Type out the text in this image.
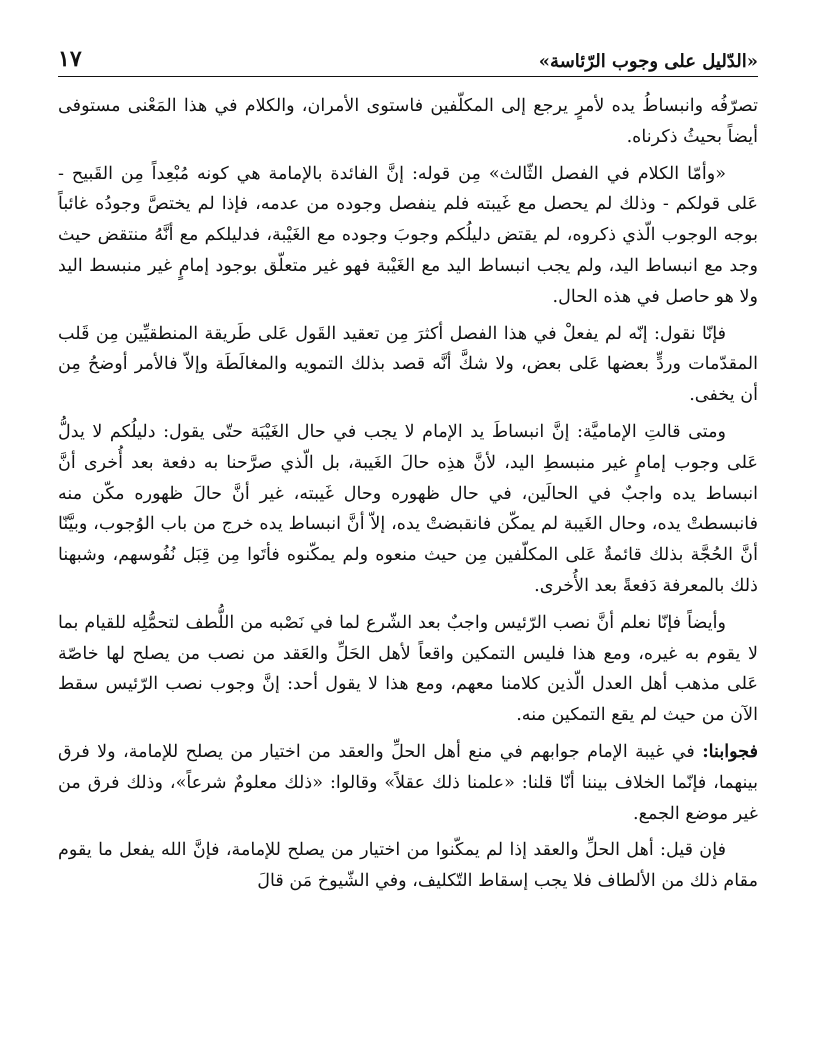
«الدّليل على وجوب الرّئاسة»
١٧

تصرّفُه وانبساطُ يده لأمرٍ يرجع إلى المكلّفين فاستوى الأمران، والكلام في هذا المَعْنى مستوفى أيضاً بحيثُ ذكرناه.

«وأمّا الكلام في الفصل الثّالث» مِن قوله: إنَّ الفائدة بالإمامة هي كونه مُبْعِداً مِن القَبيح - عَلى قولكم - وذلك لم يحصل مع غَيبته فلم ينفصل وجوده من عدمه، فإذا لم يختصَّ وجودُه غائباً بوجه الوجوب الّذي ذكروه، لم يقتض دليلُكم وجوبَ وجوده مع الغَيْبة، فدليلكم مع أنَّهُ منتقض حيث وجد مع انبساط اليد، ولم يجب انبساط اليد مع الغَيْبة فهو غير متعلّق بوجود إمامٍ غير منبسط اليد ولا هو حاصل في هذه الحال.

فإنّا نقول: إنّه لم يفعلْ في هذا الفصل أكثرَ مِن تعقيد القَول عَلى طَريقة المنطقيِّين مِن قَلب المقدّمات وردٍّ بعضها عَلى بعض، ولا شكَّ أنَّه قصد بذلك التمويه والمغالَطَة وإلاّ فالأمر أوضحُ مِن أن يخفى.

ومتى قالتِ الإماميَّة: إنَّ انبساطَ يد الإمام لا يجب في حال الغَيْبَة حتّى يقول: دليلُكم لا يدلُّ عَلى وجوب إمامٍ غير منبسطِ اليد، لأنَّ هذِه حالَ الغَيبة، بل الّذي صرَّحنا به دفعة بعد أُخرى أنَّ انبساط يده واجبٌ في الحالَين، في حال ظهوره وحال غَيبته، غير أنَّ حالَ ظهوره مكّن منه فانبسطتْ يده، وحال الغَيبة لم يمكّن فانقبضتْ يده، إلاّ أنَّ انبساط يده خرج من باب الوُجوب، وبيَّنّا أنَّ الحُجَّة بذلك قائمةٌ عَلى المكلّفين مِن حيث منعوه ولم يمكّنوه فأتَوا مِن قِبَل نُفُوسهم، وشبهنا ذلك بالمعرفة دَفعةً بعد الأُخرى.

وأيضاً فإنّا نعلم أنَّ نصب الرّئيس واجبٌ بعد الشّرع لما في نَصْبه من اللُّطف لتحمُّلِه للقيام بما لا يقوم به غيره، ومع هذا فليس التمكين واقعاً لأهل الحَلِّ والعَقد من نصب من يصلح لها خاصّة عَلى مذهب أهل العدل الّذين كلامنا معهم، ومع هذا لا يقول أحد: إنَّ وجوب نصب الرّئيس سقط الآن من حيث لم يقع التمكين منه.

فجوابنا: في غيبة الإمام جوابهم في منع أهل الحلِّ والعقد من اختيار من يصلح للإمامة، ولا فرق بينهما، فإنّما الخلاف بيننا أنّا قلنا: «علمنا ذلك عقلاً» وقالوا: «ذلك معلومٌ شرعاً»، وذلك فرق من غير موضع الجمع.

فإن قيل: أهل الحلِّ والعقد إذا لم يمكّنوا من اختيار من يصلح للإمامة، فإنَّ الله يفعل ما يقوم مقام ذلك من الألطاف فلا يجب إسقاط التّكليف، وفي الشّيوخ مَن قالَ
